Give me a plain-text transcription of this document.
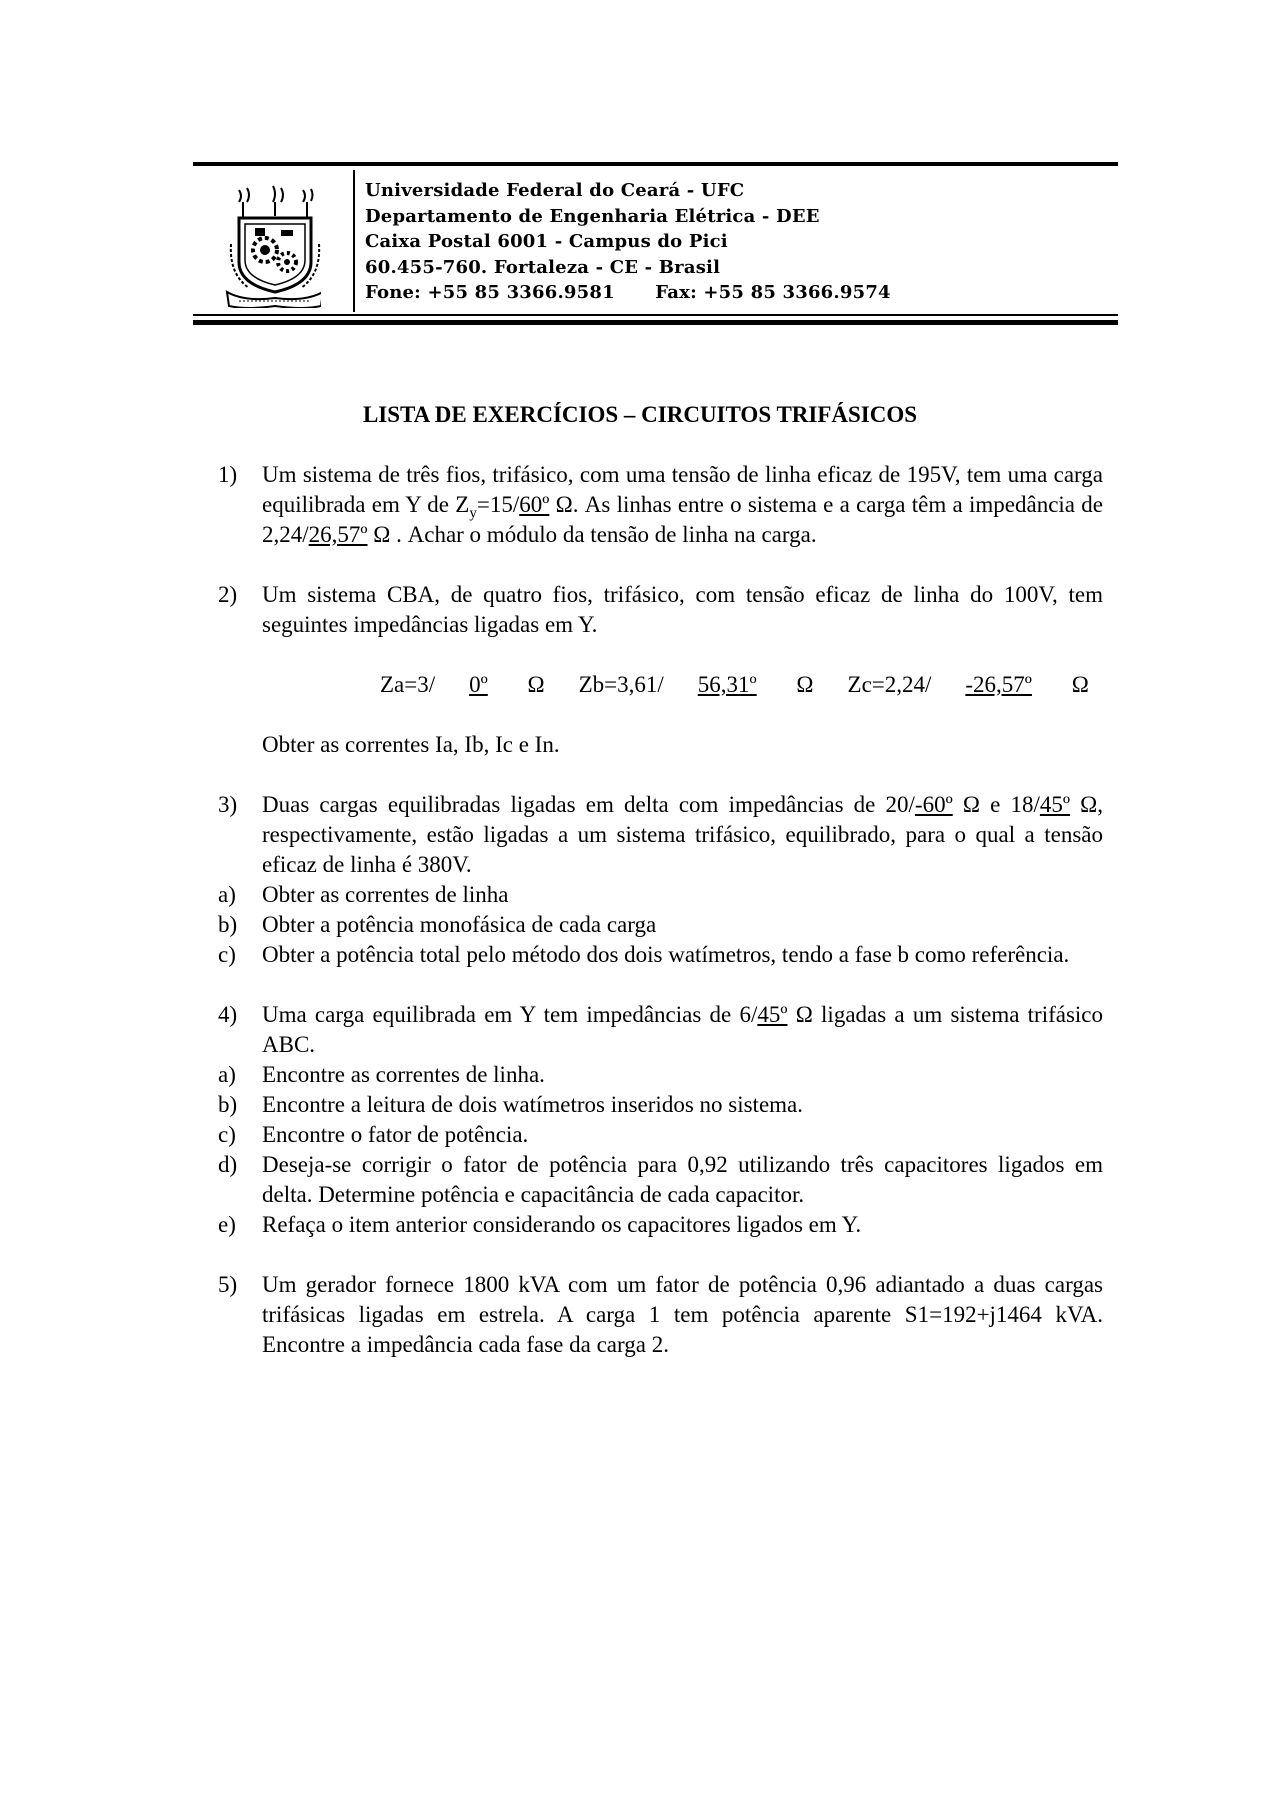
Universidade Federal do Ceará - UFC
Departamento de Engenharia Elétrica - DEE
Caixa Postal 6001 - Campus do Pici
60.455-760. Fortaleza - CE - Brasil
Fone: +55 85 3366.9581 Fax: +55 85 3366.9574
LISTA DE EXERCÍCIOS – CIRCUITOS TRIFÁSICOS
1)	Um sistema de três fios, trifásico, com uma tensão de linha eficaz de 195V, tem uma carga equilibrada em Y de $Z_y=15/60º$ Ω. As linhas entre o sistema e a carga têm a impedância de 2,24/26,57º Ω . Achar o módulo da tensão de linha na carga.
2)	Um sistema CBA, de quatro fios, trifásico, com tensão eficaz de linha do 100V, tem seguintes impedâncias ligadas em Y.
Za=3/ 0º Ω Zb=3,61/ 56,31º Ω Zc=2,24/ -26,57º Ω
Obter as correntes Ia, Ib, Ic e In.
3)	Duas cargas equilibradas ligadas em delta com impedâncias de 20/-60º Ω e 18/45º Ω, respectivamente, estão ligadas a um sistema trifásico, equilibrado, para o qual a tensão eficaz de linha é 380V.
a)	Obter as correntes de linha
b)	Obter a potência monofásica de cada carga
c)	Obter a potência total pelo método dos dois watímetros, tendo a fase b como referência.
4)	Uma carga equilibrada em Y tem impedâncias de 6/45º Ω ligadas a um sistema trifásico ABC.
a)	Encontre as correntes de linha.
b)	Encontre a leitura de dois watímetros inseridos no sistema.
c)	Encontre o fator de potência.
d)	Deseja-se corrigir o fator de potência para 0,92 utilizando três capacitores ligados em delta. Determine potência e capacitância de cada capacitor.
e)	Refaça o item anterior considerando os capacitores ligados em Y.
5)	Um gerador fornece 1800 kVA com um fator de potência 0,96 adiantado a duas cargas trifásicas ligadas em estrela. A carga 1 tem potência aparente S1=192+j1464 kVA. Encontre a impedância cada fase da carga 2.
